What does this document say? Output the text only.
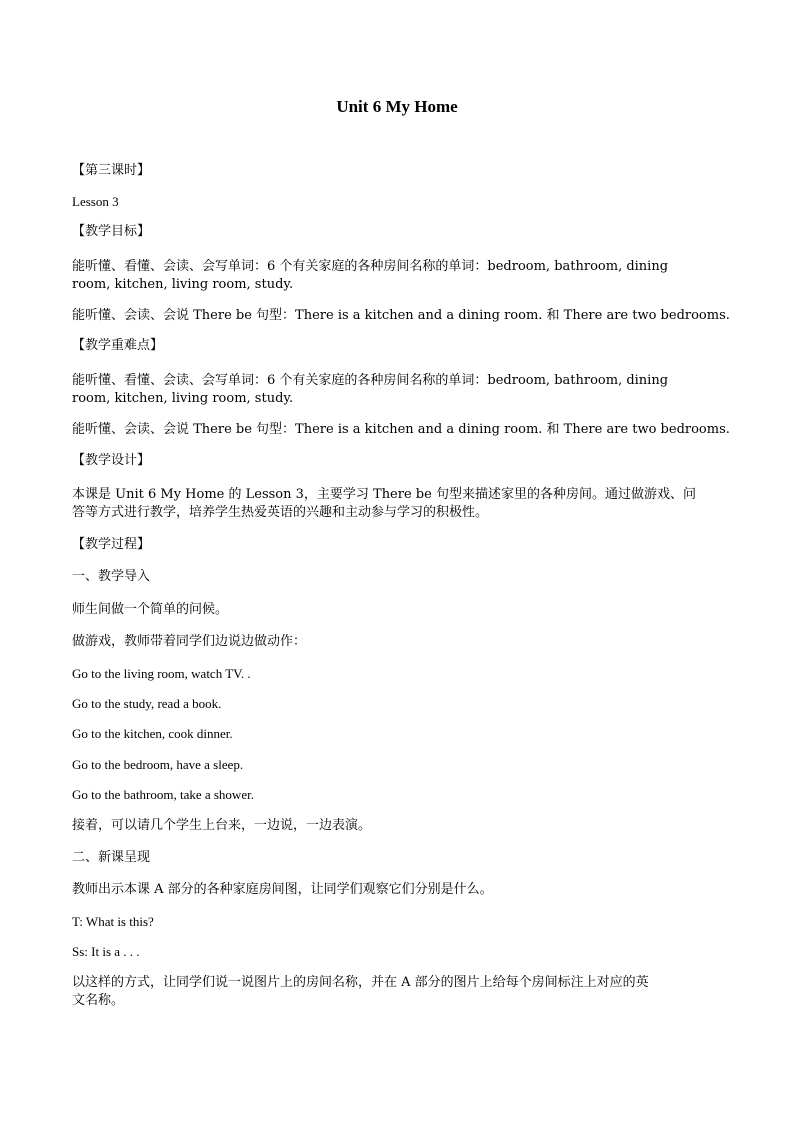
Unit 6 My Home
【第三课时】
Lesson 3
【教学目标】
能听懂、看懂、会读、会写单词：6 个有关家庭的各种房间名称的单词：bedroom, bathroom, dining
room, kitchen, living room, study.
能听懂、会读、会说 There be 句型：There is a kitchen and a dining room. 和 There are two bedrooms.
【教学重难点】
能听懂、看懂、会读、会写单词：6 个有关家庭的各种房间名称的单词：bedroom, bathroom, dining
room, kitchen, living room, study.
能听懂、会读、会说 There be 句型：There is a kitchen and a dining room. 和 There are two bedrooms.
【教学设计】
本课是 Unit 6 My Home 的 Lesson 3，主要学习 There be 句型来描述家里的各种房间。通过做游戏、问
答等方式进行教学，培养学生热爱英语的兴趣和主动参与学习的积极性。
【教学过程】
一、教学导入
师生间做一个简单的问候。
做游戏，教师带着同学们边说边做动作：
Go to the living room, watch TV. .
Go to the study, read a book.
Go to the kitchen, cook dinner.
Go to the bedroom, have a sleep.
Go to the bathroom, take a shower.
接着，可以请几个学生上台来，一边说，一边表演。
二、新课呈现
教师出示本课 A 部分的各种家庭房间图，让同学们观察它们分别是什么。
T: What is this?
Ss: It is a . . .
以这样的方式，让同学们说一说图片上的房间名称，并在 A 部分的图片上给每个房间标注上对应的英
文名称。
